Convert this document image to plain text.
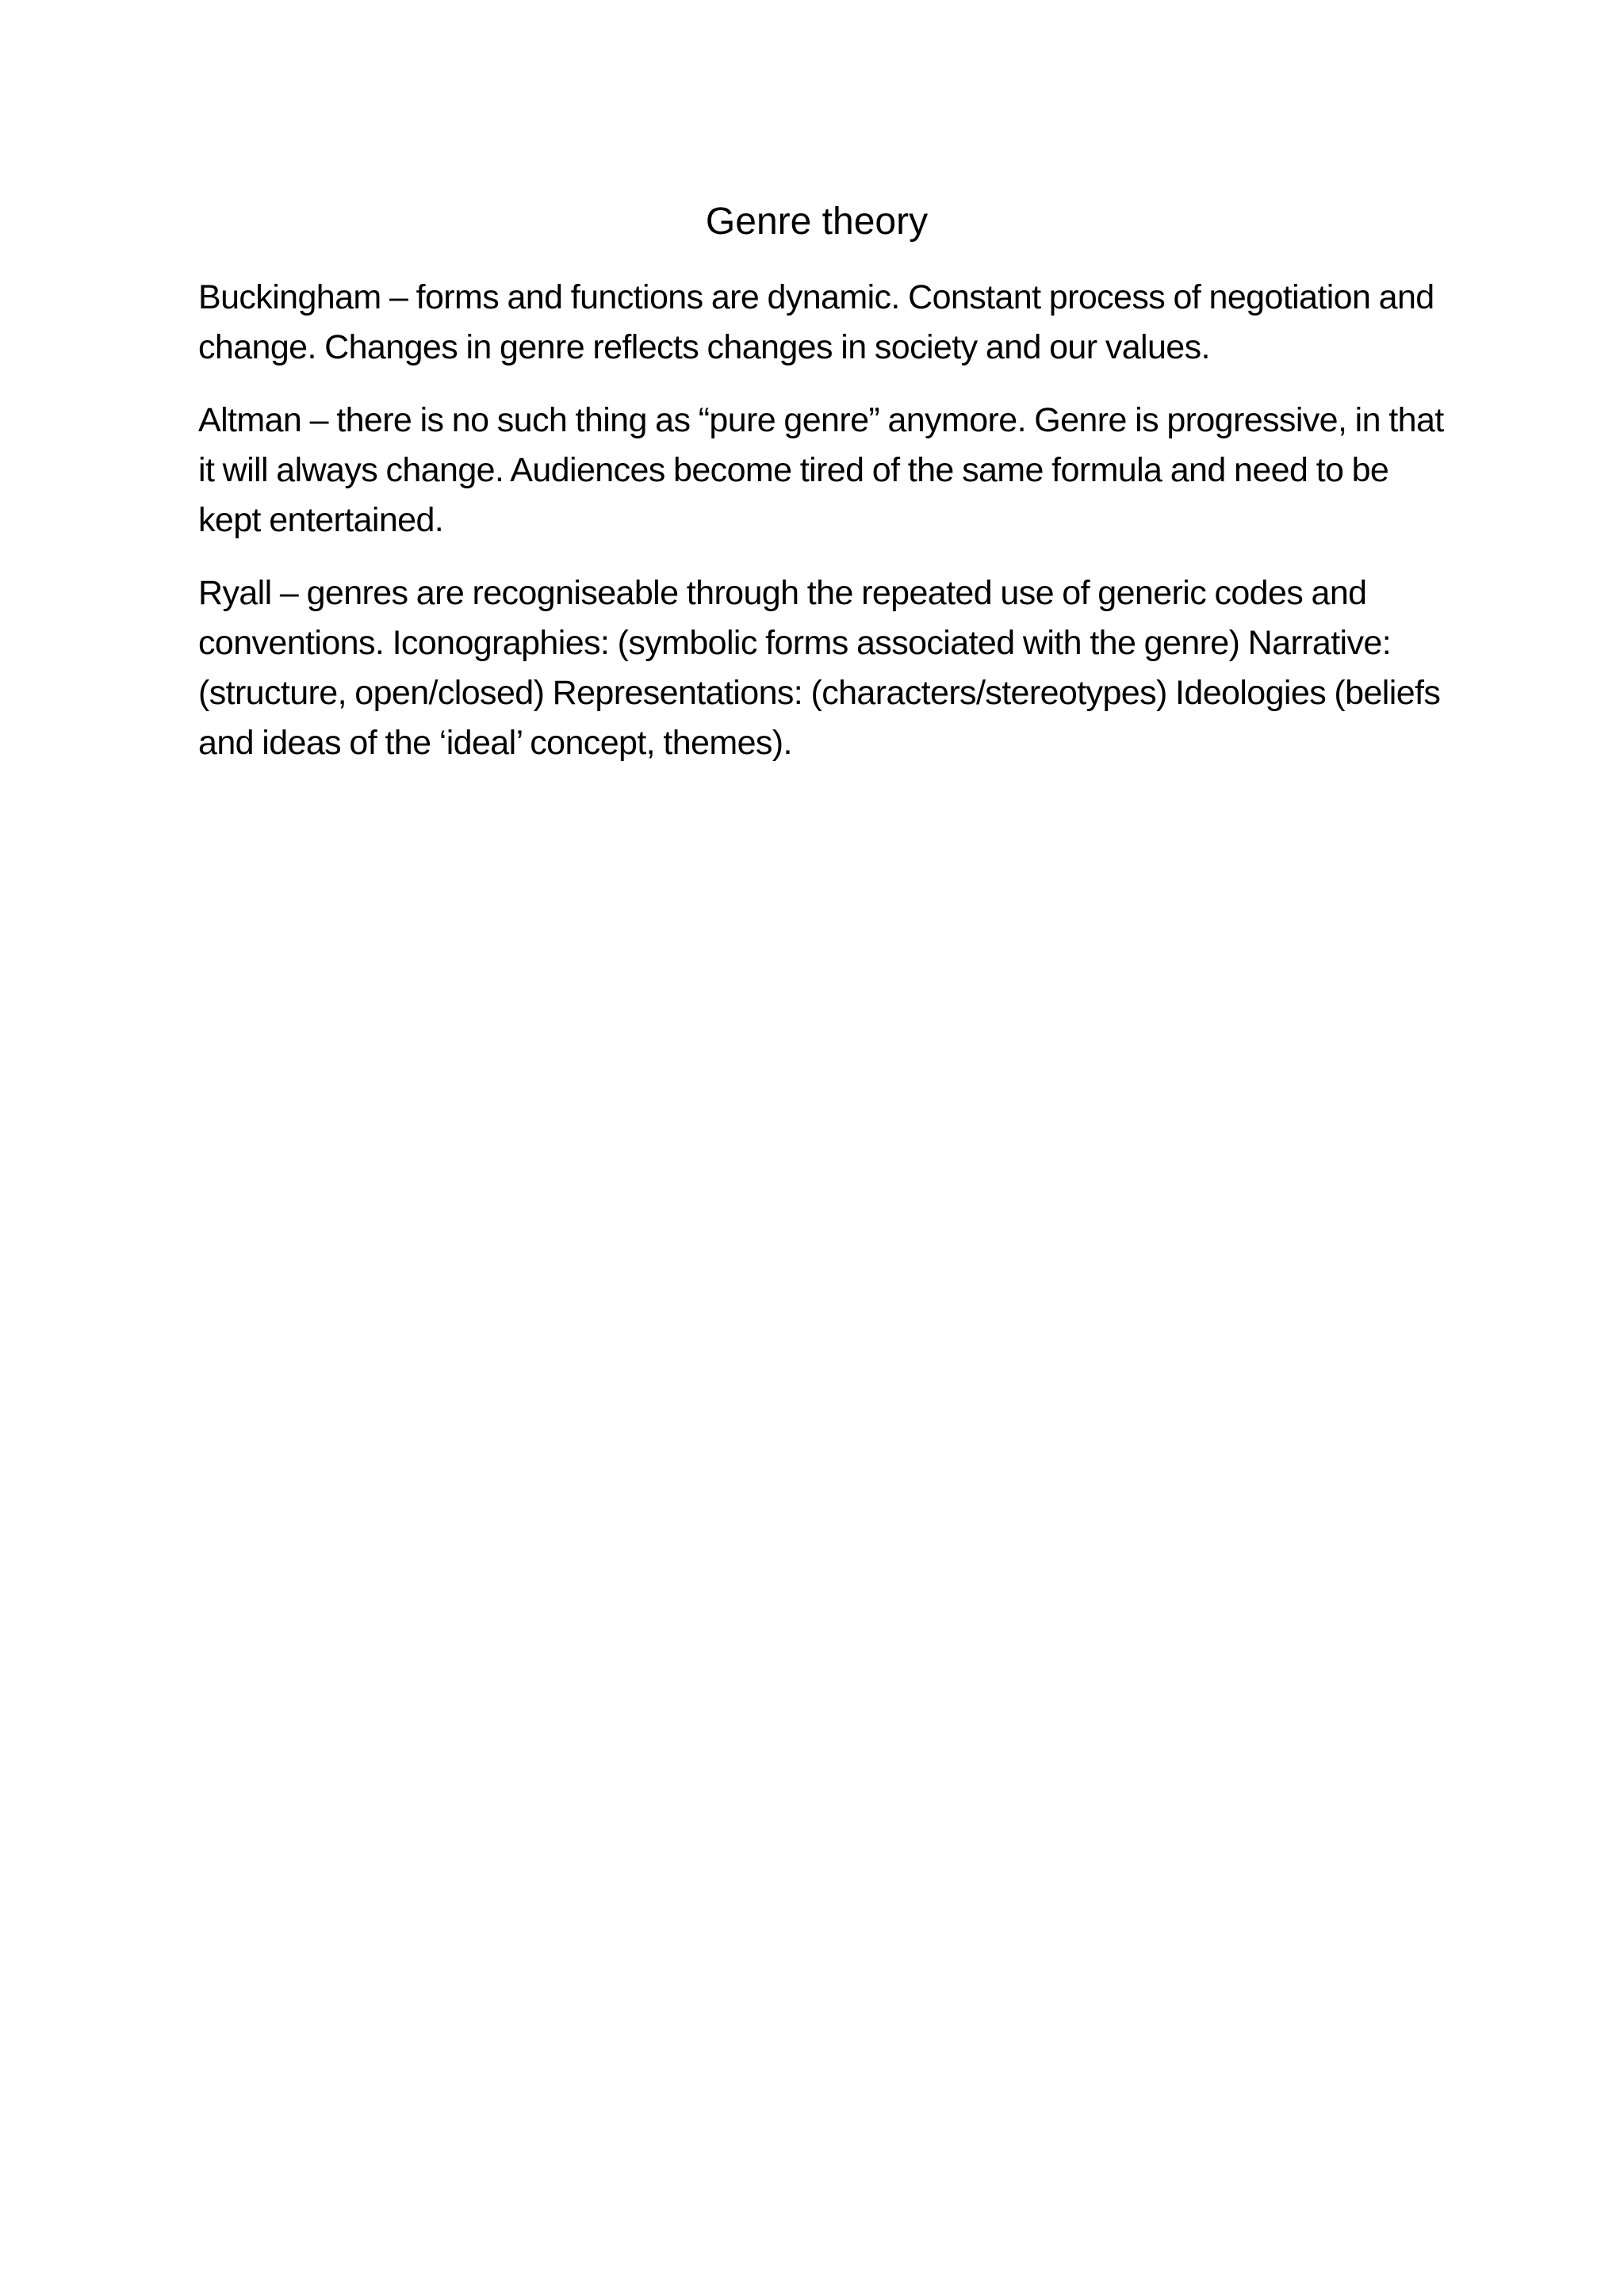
Genre theory

Buckingham – forms and functions are dynamic. Constant process of negotiation and change. Changes in genre reflects changes in society and our values.

Altman – there is no such thing as “pure genre” anymore. Genre is progressive, in that it will always change. Audiences become tired of the same formula and need to be kept entertained.

Ryall – genres are recogniseable through the repeated use of generic codes and conventions. Iconographies: (symbolic forms associated with the genre) Narrative: (structure, open/closed) Representations: (characters/stereotypes) Ideologies (beliefs and ideas of the ‘ideal’ concept, themes).
